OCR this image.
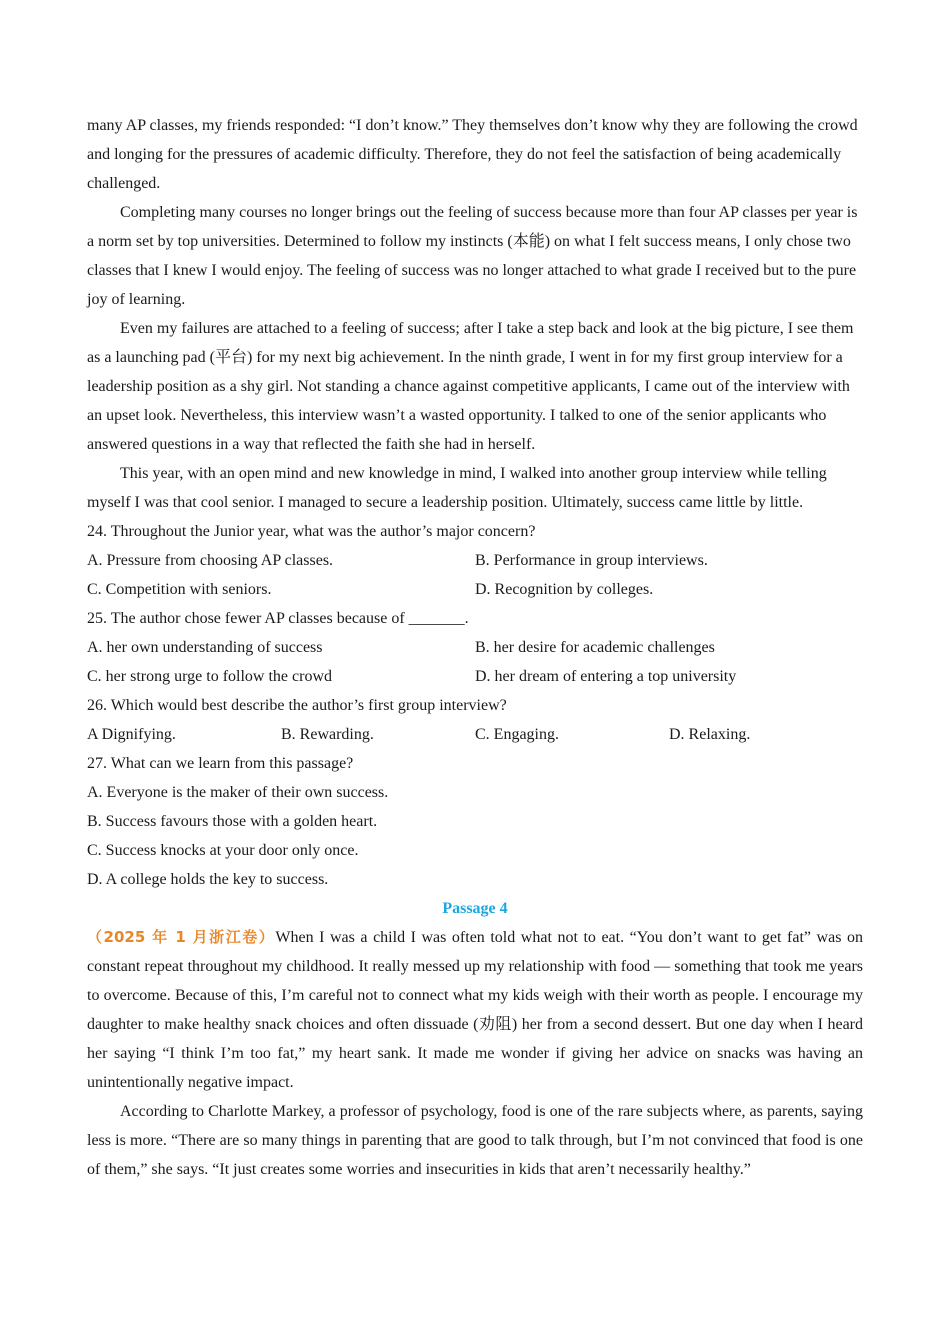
many AP classes, my friends responded: “I don’t know.” They themselves don’t know why they are following the crowd and longing for the pressures of academic difficulty. Therefore, they do not feel the satisfaction of being academically challenged.

Completing many courses no longer brings out the feeling of success because more than four AP classes per year is a norm set by top universities. Determined to follow my instincts (本能) on what I felt success means, I only chose two classes that I knew I would enjoy. The feeling of success was no longer attached to what grade I received but to the pure joy of learning.

Even my failures are attached to a feeling of success; after I take a step back and look at the big picture, I see them as a launching pad (平台) for my next big achievement. In the ninth grade, I went in for my first group interview for a leadership position as a shy girl. Not standing a chance against competitive applicants, I came out of the interview with an upset look. Nevertheless, this interview wasn’t a wasted opportunity. I talked to one of the senior applicants who answered questions in a way that reflected the faith she had in herself.

This year, with an open mind and new knowledge in mind, I walked into another group interview while telling myself I was that cool senior. I managed to secure a leadership position. Ultimately, success came little by little.

24. Throughout the Junior year, what was the author’s major concern?

A. Pressure from choosing AP classes.	B. Performance in group interviews.
C. Competition with seniors.	D. Recognition by colleges.

25. The author chose fewer AP classes because of _______.

A. her own understanding of success	B. her desire for academic challenges
C. her strong urge to follow the crowd	D. her dream of entering a top university

26. Which would best describe the author’s first group interview?

A Dignifying.	B. Rewarding.	C. Engaging.	D. Relaxing.

27. What can we learn from this passage?

A. Everyone is the maker of their own success.

B. Success favours those with a golden heart.

C. Success knocks at your door only once.

D. A college holds the key to success.

Passage 4

（2025 年 1 月浙江卷）When I was a child I was often told what not to eat. “You don’t want to get fat” was on constant repeat throughout my childhood. It really messed up my relationship with food — something that took me years to overcome. Because of this, I’m careful not to connect what my kids weigh with their worth as people. I encourage my daughter to make healthy snack choices and often dissuade (劝阻) her from a second dessert. But one day when I heard her saying “I think I’m too fat,” my heart sank. It made me wonder if giving her advice on snacks was having an unintentionally negative impact.

According to Charlotte Markey, a professor of psychology, food is one of the rare subjects where, as parents, saying less is more. “There are so many things in parenting that are good to talk through, but I’m not convinced that food is one of them,” she says. “It just creates some worries and insecurities in kids that aren’t necessarily healthy.”
